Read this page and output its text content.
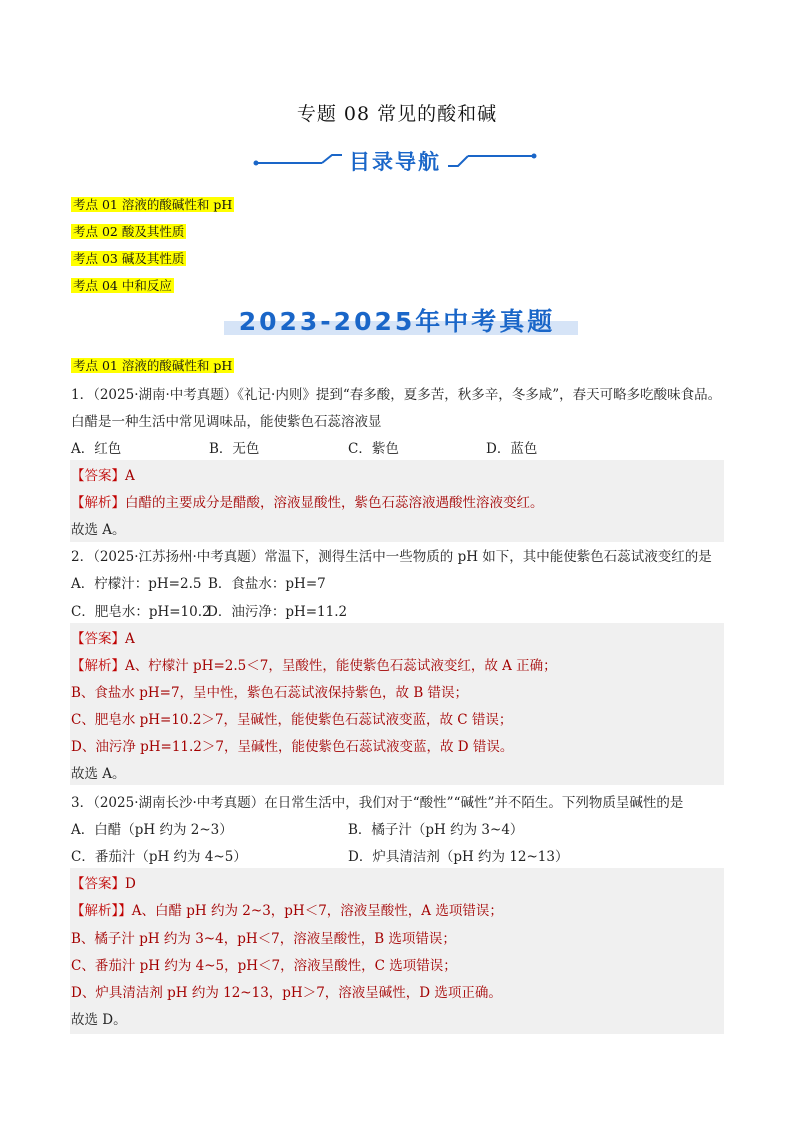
专题 08 常见的酸和碱
目录导航
考点 01 溶液的酸碱性和 pH
考点 02 酸及其性质
考点 03 碱及其性质
考点 04 中和反应
2023-2025年中考真题
考点 01 溶液的酸碱性和 pH
1．（2025·湖南·中考真题）《礼记·内则》提到“春多酸，夏多苦，秋多辛，冬多咸”，春天可略多吃酸味食品。
白醋是一种生活中常见调味品，能使紫色石蕊溶液显
A．红色	B．无色	C．紫色	D．蓝色
【答案】A
【解析】白醋的主要成分是醋酸，溶液显酸性，紫色石蕊溶液遇酸性溶液变红。
故选 A。
2．（2025·江苏扬州·中考真题）常温下，测得生活中一些物质的 pH 如下，其中能使紫色石蕊试液变红的是
A．柠檬汁：pH=2.5 B．食盐水：pH=7
C．肥皂水：pH=10.2
D．油污净：pH=11.2
【答案】A
【解析】A、柠檬汁 pH=2.5＜7，呈酸性，能使紫色石蕊试液变红，故 A 正确；
B、食盐水 pH=7，呈中性，紫色石蕊试液保持紫色，故 B 错误；
C、肥皂水 pH=10.2＞7，呈碱性，能使紫色石蕊试液变蓝，故 C 错误；
D、油污净 pH=11.2＞7，呈碱性，能使紫色石蕊试液变蓝，故 D 错误。
故选 A。
3．（2025·湖南长沙·中考真题）在日常生活中，我们对于“酸性”“碱性”并不陌生。下列物质呈碱性的是
A．白醋（pH 约为 2~3）	B．橘子汁（pH 约为 3~4）
C．番茄汁（pH 约为 4~5）	D．炉具清洁剂（pH 约为 12~13）
【答案】D
【解析】】A、白醋 pH 约为 2~3，pH＜7，溶液呈酸性，A 选项错误；
B、橘子汁 pH 约为 3~4，pH＜7，溶液呈酸性，B 选项错误；
C、番茄汁 pH 约为 4~5，pH＜7，溶液呈酸性，C 选项错误；
D、炉具清洁剂 pH 约为 12~13，pH＞7，溶液呈碱性，D 选项正确。
故选 D。
